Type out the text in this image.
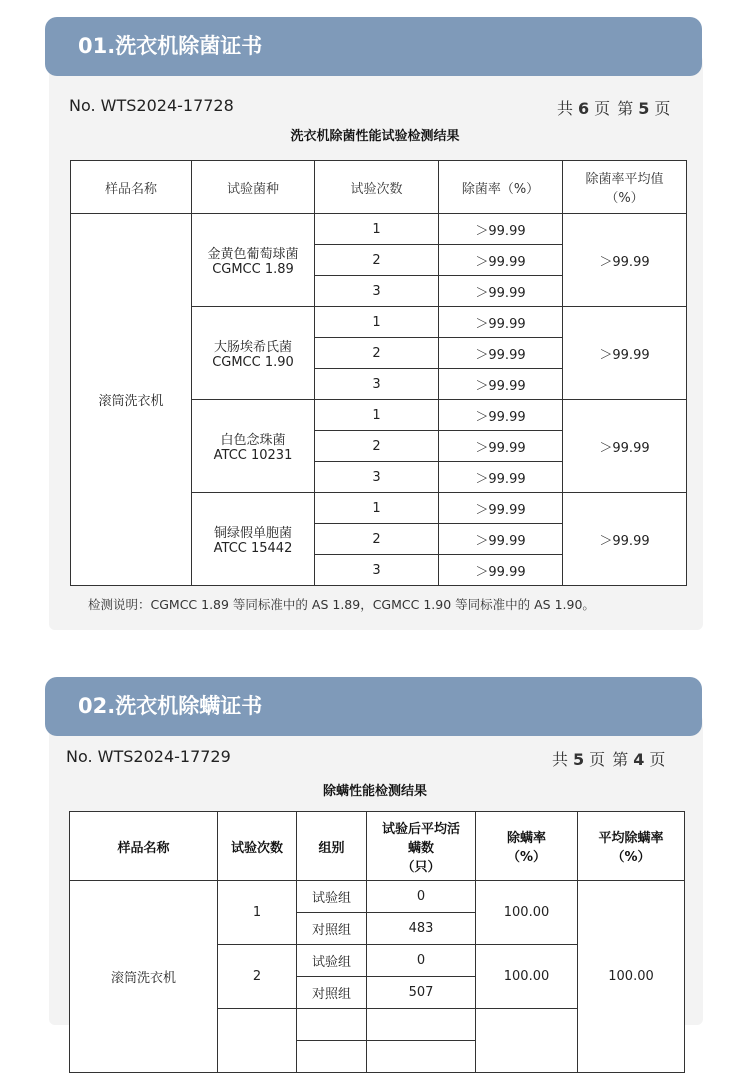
01.洗衣机除菌证书
No. WTS2024-17728	共 6 页 第 5 页
洗衣机除菌性能试验检测结果
样品名称	试验菌种	试验次数	除菌率（%）	除菌率平均值
（%）

滚筒洗衣机	金黄色葡萄球菌
CGMCC 1.89	1	＞99.99	＞99.99
		2	＞99.99	
		3	＞99.99	

	大肠埃希氏菌
CGMCC 1.90	1	＞99.99	＞99.99
		2	＞99.99	
		3	＞99.99	

	白色念珠菌
ATCC 10231	1	＞99.99	＞99.99
		2	＞99.99	
		3	＞99.99	

	铜绿假单胞菌
ATCC 15442	1	＞99.99	＞99.99
		2	＞99.99	
		3	＞99.99	
检测说明：CGMCC 1.89 等同标准中的 AS 1.89，CGMCC 1.90 等同标准中的 AS 1.90。
02.洗衣机除螨证书
No. WTS2024-17729	共 5 页 第 4 页
除螨性能检测结果
样品名称	试验次数	组别	试验后平均活
螨数
（只）	除螨率
（%）	平均除螨率
（%）

滚筒洗衣机	1	试验组	0	100.00	100.00
		对照组	483		
	2	试验组	0	100.00	
		对照组	507		
